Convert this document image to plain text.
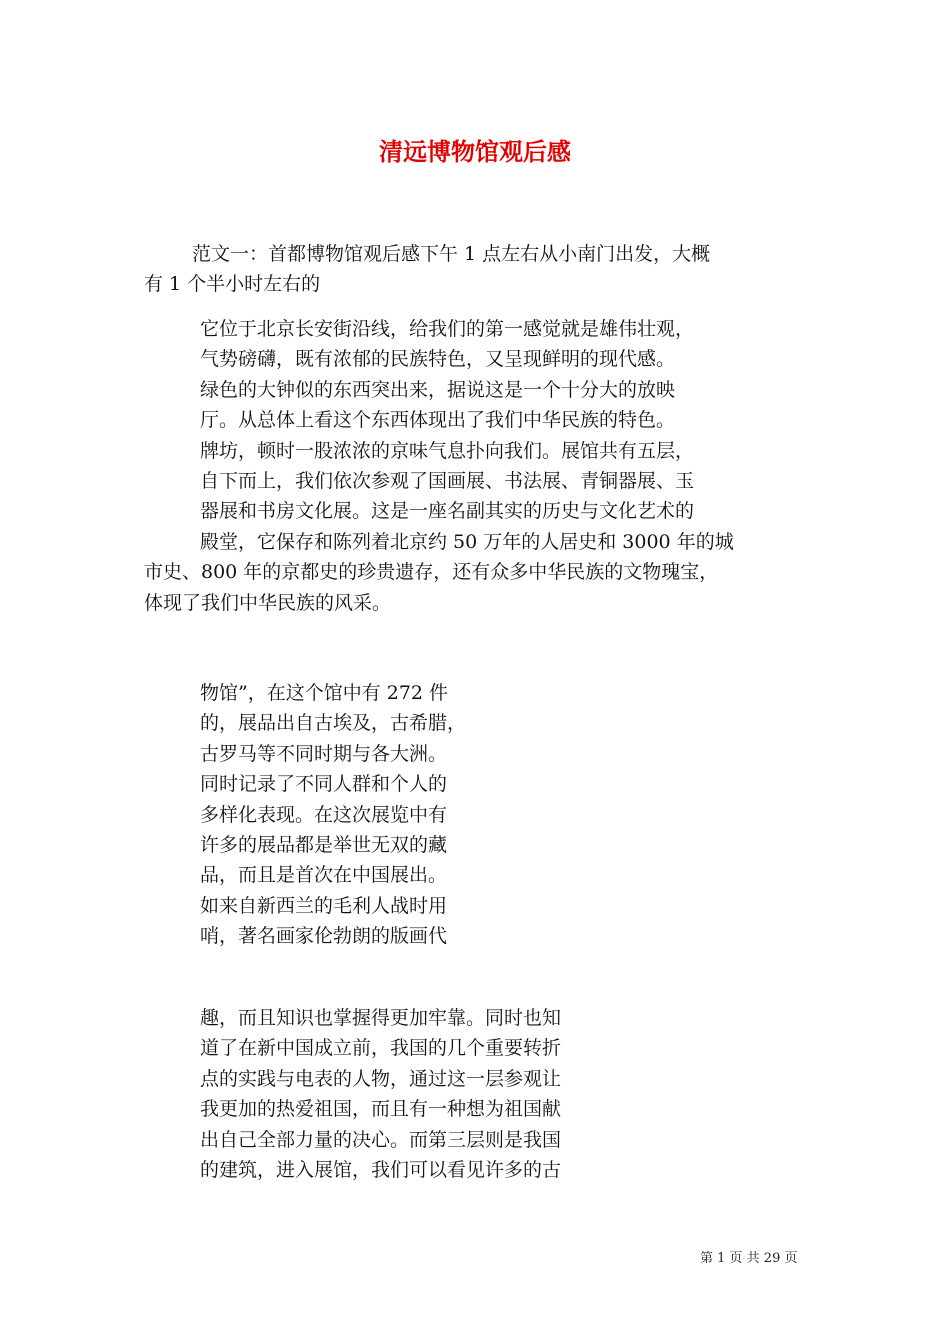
清远博物馆观后感

范文一：首都博物馆观后感下午 1 点左右从小南门出发，大概
有 1 个半小时左右的

它位于北京长安街沿线，给我们的第一感觉就是雄伟壮观，
气势磅礴，既有浓郁的民族特色，又呈现鲜明的现代感。
绿色的大钟似的东西突出来，据说这是一个十分大的放映
厅。从总体上看这个东西体现出了我们中华民族的特色。
牌坊，顿时一股浓浓的京味气息扑向我们。展馆共有五层，
自下而上，我们依次参观了国画展、书法展、青铜器展、玉
器展和书房文化展。这是一座名副其实的历史与文化艺术的
殿堂，它保存和陈列着北京约 50 万年的人居史和 3000 年的城
市史、800 年的京都史的珍贵遗存，还有众多中华民族的文物瑰宝，
体现了我们中华民族的风采。
物馆”，在这个馆中有 272 件
的，展品出自古埃及，古希腊，
古罗马等不同时期与各大洲。
同时记录了不同人群和个人的
多样化表现。在这次展览中有
许多的展品都是举世无双的藏
品，而且是首次在中国展出。
如来自新西兰的毛利人战时用
哨，著名画家伦勃朗的版画代
趣，而且知识也掌握得更加牢靠。同时也知
道了在新中国成立前，我国的几个重要转折
点的实践与电表的人物，通过这一层参观让
我更加的热爱祖国，而且有一种想为祖国献
出自己全部力量的决心。而第三层则是我国
的建筑，进入展馆，我们可以看见许多的古
第 1 页 共 29 页
